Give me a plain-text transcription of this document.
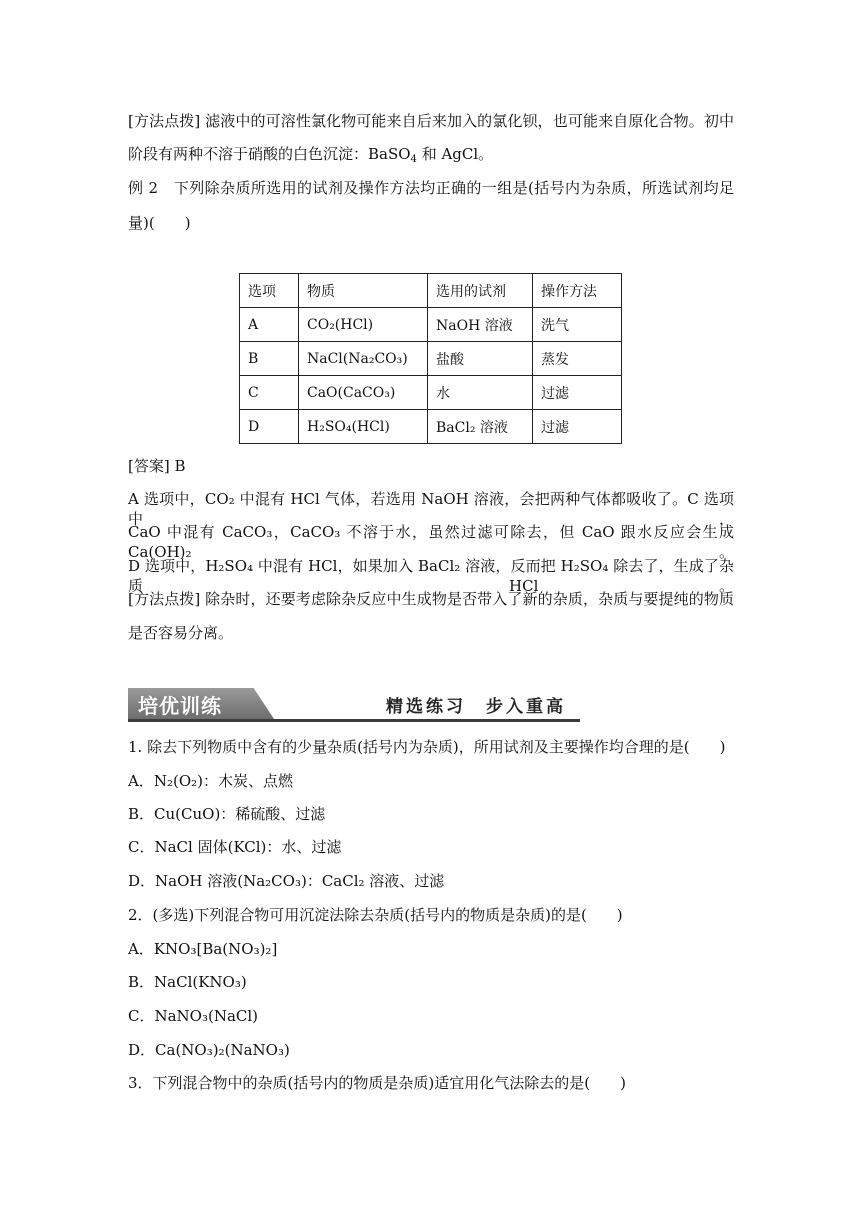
[方法点拨] 滤液中的可溶性氯化物可能来自后来加入的氯化钡，也可能来自原化合物。初中
阶段有两种不溶于硝酸的白色沉淀：BaSO$_4$ 和 AgCl。
例 2　下列除杂质所选用的试剂及操作方法均正确的一组是(括号内为杂质，所选试剂均足
量)(　　)
选项	物质	选用的试剂	操作方法
A	CO₂(HCl)	NaOH 溶液	洗气
B	NaCl(Na₂CO₃)	盐酸	蒸发
C	CaO(CaCO₃)	水	过滤
D	H₂SO₄(HCl)	BaCl₂ 溶液	过滤
[答案] B
A 选项中，CO₂ 中混有 HCl 气体，若选用 NaOH 溶液，会把两种气体都吸收了。C 选项中，
CaO 中混有 CaCO₃，CaCO₃ 不溶于水，虽然过滤可除去，但 CaO 跟水反应会生成 Ca(OH)₂。
D 选项中，H₂SO₄ 中混有 HCl，如果加入 BaCl₂ 溶液，反而把 H₂SO₄ 除去了，生成了杂质 HCl。
[方法点拨] 除杂时，还要考虑除杂反应中生成物是否带入了新的杂质，杂质与要提纯的物质
是否容易分离。
培优训练	精选练习　步入重高
1. 除去下列物质中含有的少量杂质(括号内为杂质)，所用试剂及主要操作均合理的是(　　)
A．N₂(O₂)：木炭、点燃
B．Cu(CuO)：稀硫酸、过滤
C．NaCl 固体(KCl)：水、过滤
D．NaOH 溶液(Na₂CO₃)：CaCl₂ 溶液、过滤
2．(多选)下列混合物可用沉淀法除去杂质(括号内的物质是杂质)的是(　　)
A．KNO₃[Ba(NO₃)₂]
B．NaCl(KNO₃)
C．NaNO₃(NaCl)
D．Ca(NO₃)₂(NaNO₃)
3．下列混合物中的杂质(括号内的物质是杂质)适宜用化气法除去的是(　　)
